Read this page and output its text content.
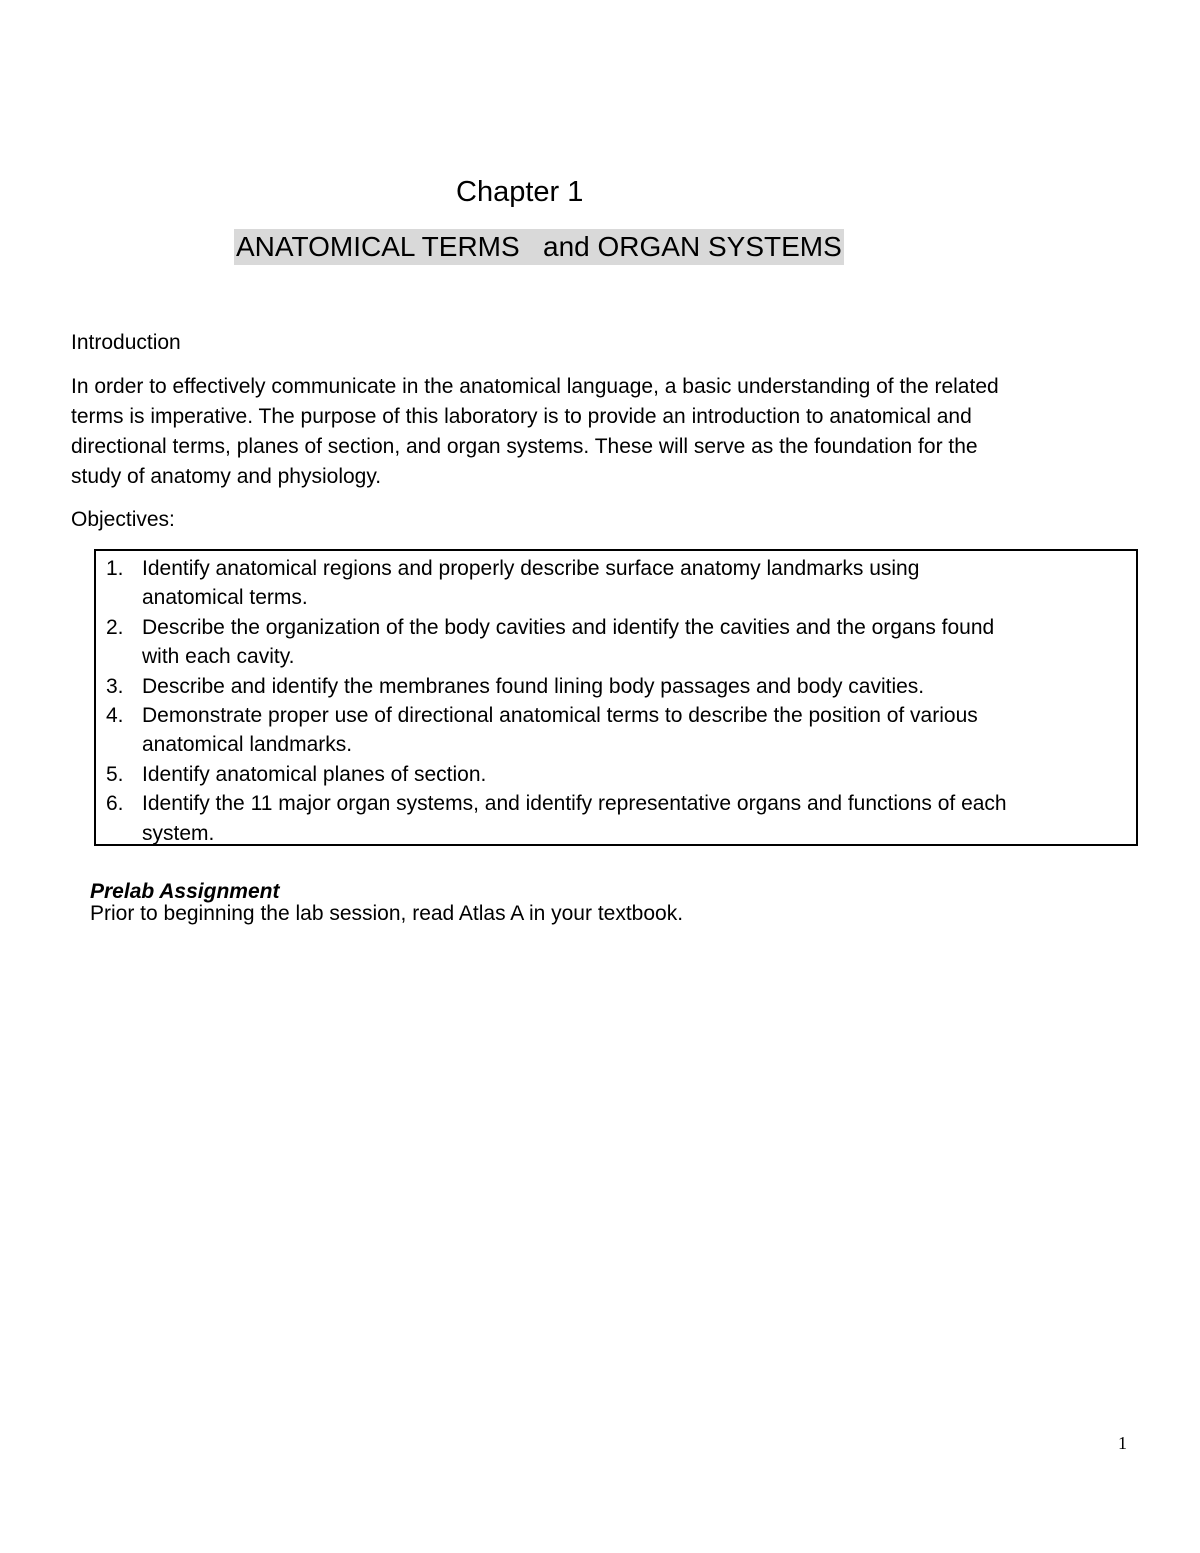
Chapter 1
ANATOMICAL TERMS   and ORGAN SYSTEMS
Introduction
In order to effectively communicate in the anatomical language, a basic understanding of the related
terms is imperative. The purpose of this laboratory is to provide an introduction to anatomical and
directional terms, planes of section, and organ systems. These will serve as the foundation for the
study of anatomy and physiology.
Objectives:
1. Identify anatomical regions and properly describe surface anatomy landmarks using
anatomical terms.
2. Describe the organization of the body cavities and identify the cavities and the organs found
with each cavity.
3. Describe and identify the membranes found lining body passages and body cavities.
4. Demonstrate proper use of directional anatomical terms to describe the position of various
anatomical landmarks.
5. Identify anatomical planes of section.
6. Identify the 11 major organ systems, and identify representative organs and functions of each
system.
Prelab Assignment
Prior to beginning the lab session, read Atlas A in your textbook.
1
